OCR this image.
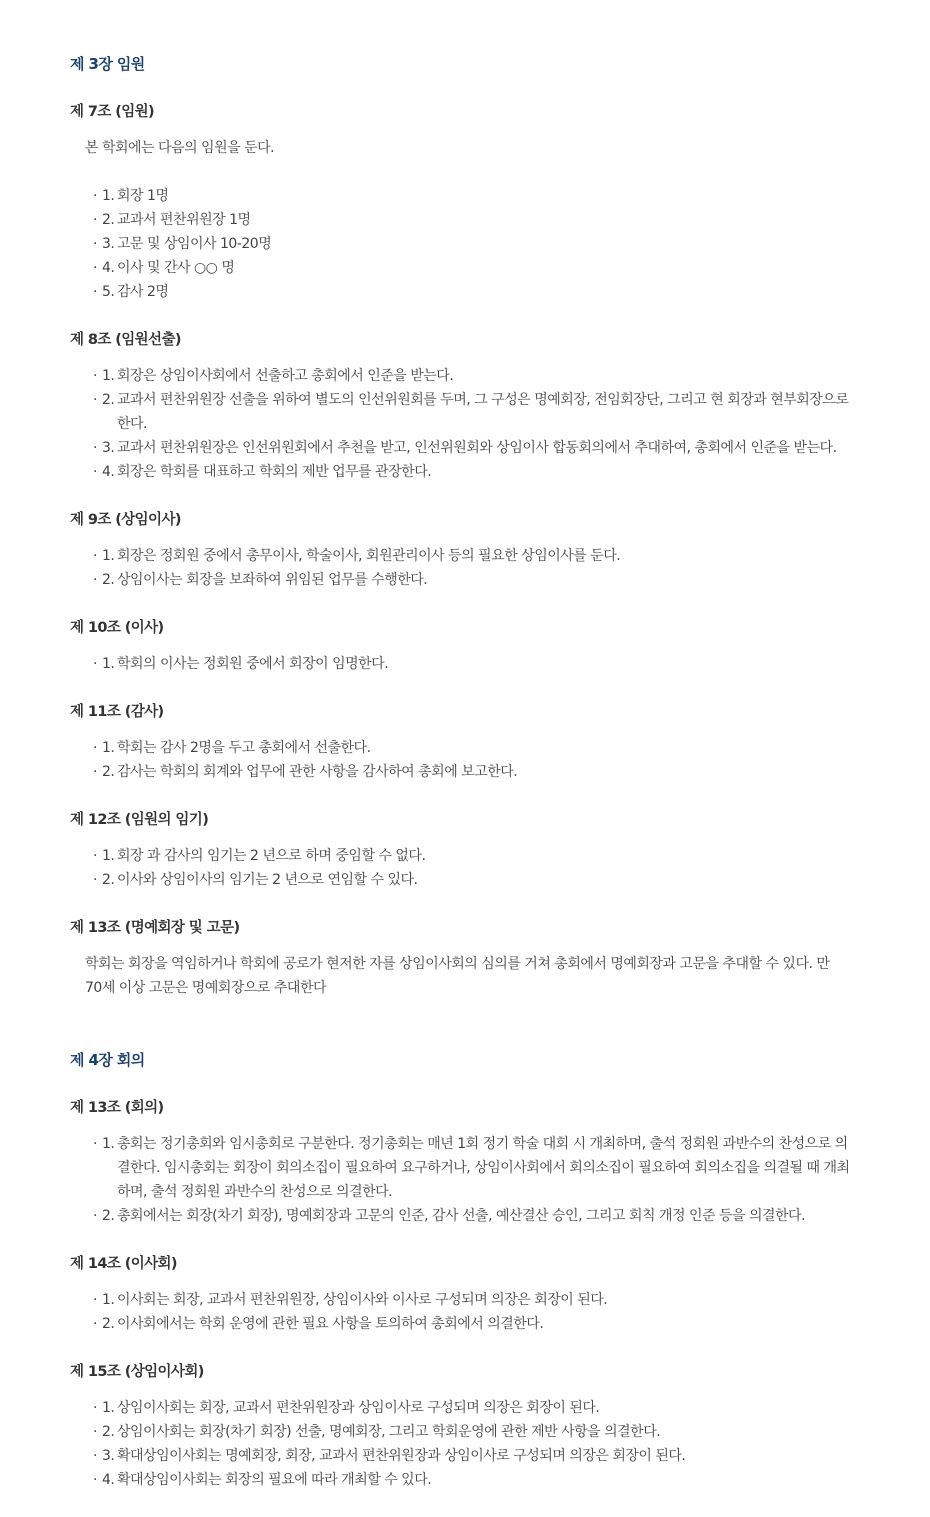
제 3장 임원
제 7조 (임원)

본 학회에는 다음의 임원을 둔다.

· 1. 회장 1명
· 2. 교과서 편찬위원장 1명
· 3. 고문 및 상임이사 10-20명
· 4. 이사 및 간사 ○○ 명
· 5. 감사 2명
제 8조 (임원선출)
· 1. 회장은 상임이사회에서 선출하고 총회에서 인준을 받는다.
· 2. 교과서 편찬위원장 선출을 위하여 별도의 인선위원회를 두며, 그 구성은 명예회장, 전임회장단, 그리고 현 회장과 현부회장으로 한다.
· 3. 교과서 편찬위원장은 인선위원회에서 추천을 받고, 인선위원회와 상임이사 합동회의에서 추대하여, 총회에서 인준을 받는다.
· 4. 회장은 학회를 대표하고 학회의 제반 업무를 관장한다.
제 9조 (상임이사)
· 1. 회장은 정회원 중에서 총무이사, 학술이사, 회원관리이사 등의 필요한 상임이사를 둔다.
· 2. 상임이사는 회장을 보좌하여 위임된 업무를 수행한다.
제 10조 (이사)
· 1. 학회의 이사는 정회원 중에서 회장이 임명한다.
제 11조 (감사)
· 1. 학회는 감사 2명을 두고 총회에서 선출한다.
· 2. 감사는 학회의 회계와 업무에 관한 사항을 감사하여 총회에 보고한다.
제 12조 (임원의 임기)
· 1. 회장 과 감사의 임기는 2 년으로 하며 중임할 수 없다.
· 2. 이사와 상임이사의 임기는 2 년으로 연임할 수 있다.
제 13조 (명예회장 및 고문)

학회는 회장을 역임하거나 학회에 공로가 현저한 자를 상임이사회의 심의를 거쳐 총회에서 명예회장과 고문을 추대할 수 있다. 만 70세 이상 고문은 명예회장으로 추대한다

제 4장 회의
제 13조 (회의)
· 1. 총회는 정기총회와 임시총회로 구분한다. 정기총회는 매년 1회 정기 학술 대회 시 개최하며, 출석 정회원 과반수의 찬성으로 의결한다. 임시총회는 회장이 회의소집이 필요하여 요구하거나, 상임이사회에서 회의소집이 필요하여 회의소집을 의결될 때 개최하며, 출석 정회원 과반수의 찬성으로 의결한다.
· 2. 총회에서는 회장(차기 회장), 명예회장과 고문의 인준, 감사 선출, 예산결산 승인, 그리고 회칙 개정 인준 등을 의결한다.
제 14조 (이사회)
· 1. 이사회는 회장, 교과서 편찬위원장, 상임이사와 이사로 구성되며 의장은 회장이 된다.
· 2. 이사회에서는 학회 운영에 관한 필요 사항을 토의하여 총회에서 의결한다.
제 15조 (상임이사회)
· 1. 상임이사회는 회장, 교과서 편찬위원장과 상임이사로 구성되며 의장은 회장이 된다.
· 2. 상임이사회는 회장(차기 회장) 선출, 명예회장, 그리고 학회운영에 관한 제반 사항을 의결한다.
· 3. 확대상임이사회는 명예회장, 회장, 교과서 편찬위원장과 상임이사로 구성되며 의장은 회장이 된다.
· 4. 확대상임이사회는 회장의 필요에 따라 개최할 수 있다.
